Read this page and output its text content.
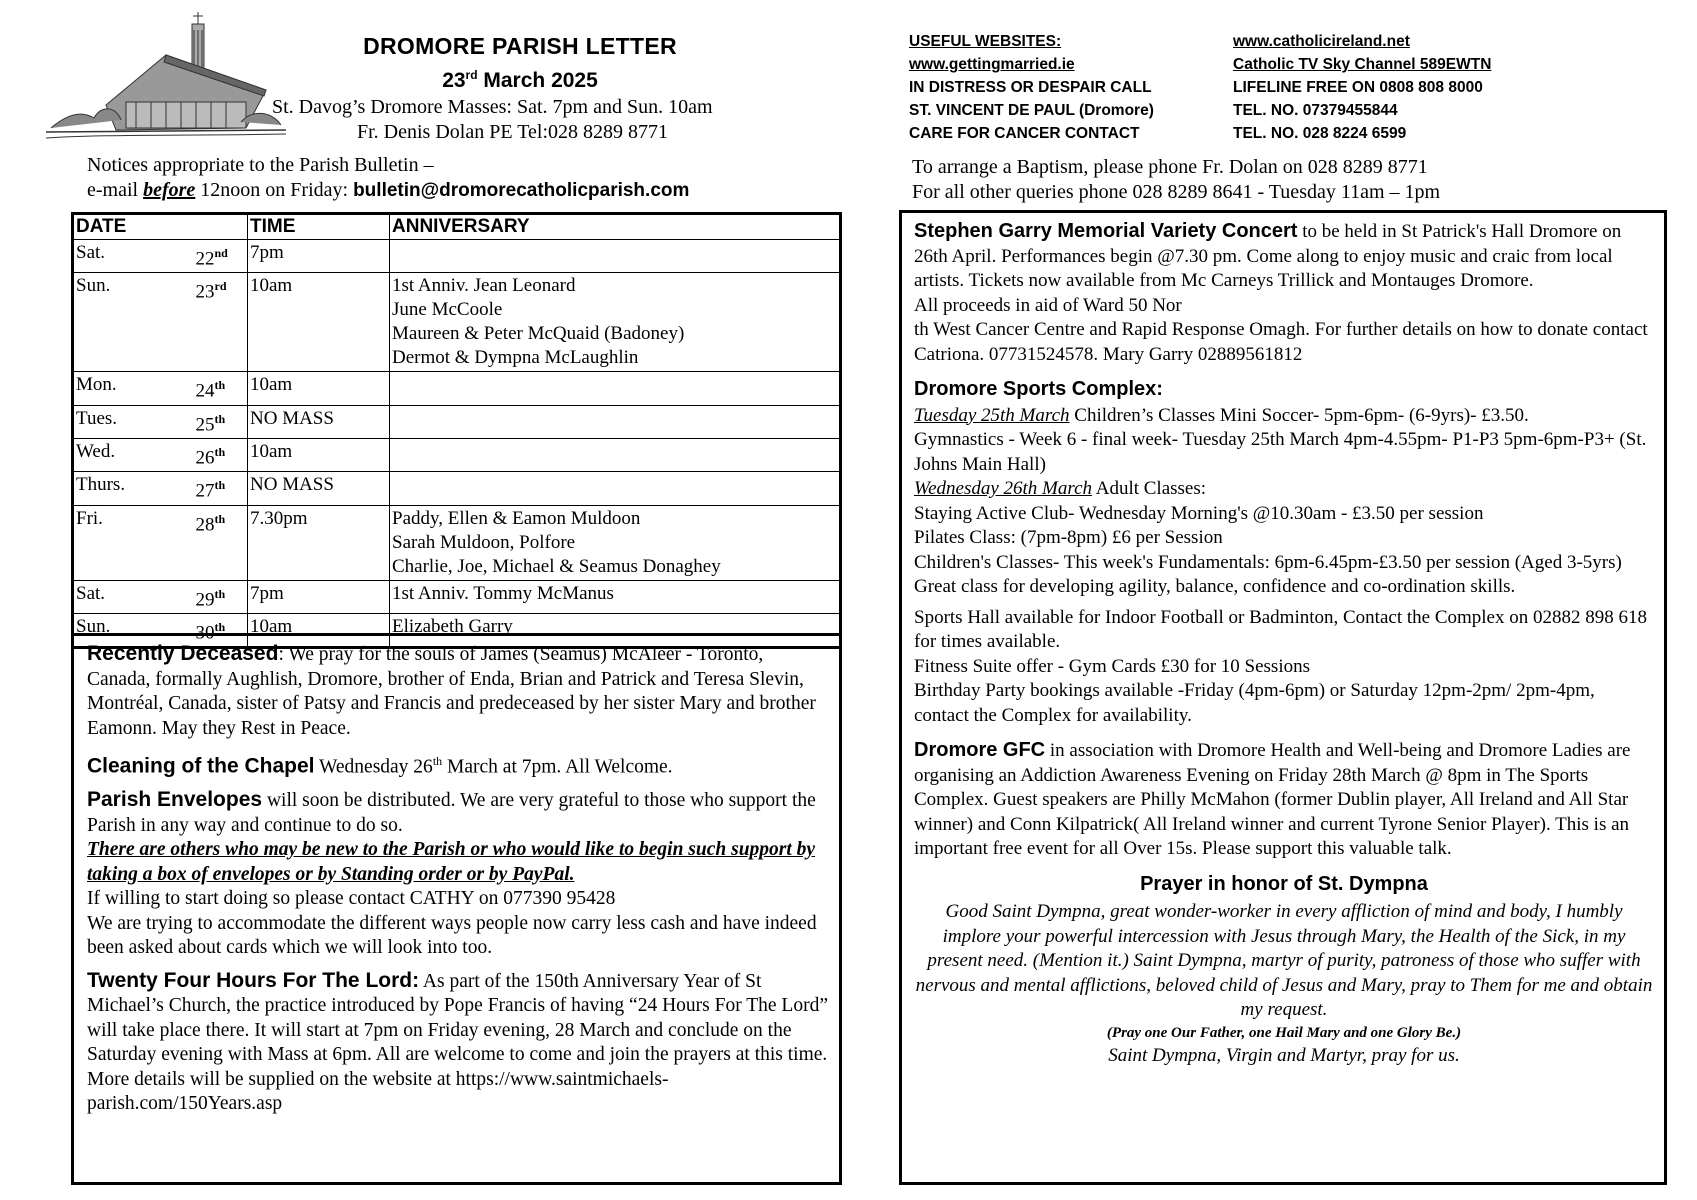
DROMORE PARISH LETTER
23rd March 2025
St. Davog’s Dromore Masses: Sat. 7pm and Sun. 10am
Fr. Denis Dolan PE Tel:028 8289 8771
Notices appropriate to the Parish Bulletin –
e-mail before 12noon on Friday: bulletin@dromorecatholicparish.com
DATE		TIME	ANNIVERSARY
Sat.	22nd	7pm	
Sun.	23rd	10am	1st Anniv. Jean Leonard
June McCoole
Maureen & Peter McQuaid (Badoney)
Dermot & Dympna McLaughlin

Mon.	24th	10am	
Tues.	25th	NO MASS	
Wed.	26th	10am	
Thurs.	27th	NO MASS	
Fri.	28th	7.30pm	Paddy, Ellen & Eamon Muldoon
Sarah Muldoon, Polfore
Charlie, Joe, Michael & Seamus Donaghey

Sat.	29th	7pm	1st Anniv. Tommy McManus

Sun.	30th	10am	Elizabeth Garry
Recently Deceased: We pray for the souls of James (Seamus) McAleer - Toronto, Canada, formally Aughlish, Dromore, brother of Enda, Brian and Patrick and Teresa Slevin, Montréal, Canada, sister of Patsy and Francis and predeceased by her sister Mary and brother Eamonn. May they Rest in Peace.
Cleaning of the Chapel Wednesday 26th March at 7pm. All Welcome.
Parish Envelopes will soon be distributed. We are very grateful to those who support the Parish in any way and continue to do so.
There are others who may be new to the Parish or who would like to begin such support by taking a box of envelopes or by Standing order or by PayPal.
If willing to start doing so please contact CATHY on 077390 95428
We are trying to accommodate the different ways people now carry less cash and have indeed been asked about cards which we will look into too.
Twenty Four Hours For The Lord: As part of the 150th Anniversary Year of St Michael’s Church, the practice introduced by Pope Francis of having “24 Hours For The Lord” will take place there. It will start at 7pm on Friday evening, 28 March and conclude on the Saturday evening with Mass at 6pm. All are welcome to come and join the prayers at this time.
More details will be supplied on the website at https://www.saintmichaels-parish.com/150Years.asp
USEFUL WEBSITES:	www.catholicireland.net
www.gettingmarried.ie	Catholic TV Sky Channel 589EWTN
IN DISTRESS OR DESPAIR CALL	LIFELINE FREE ON 0808 808 8000
ST. VINCENT DE PAUL (Dromore)	TEL. NO. 07379455844
CARE FOR CANCER CONTACT	TEL. NO. 028 8224 6599
To arrange a Baptism, please phone Fr. Dolan on 028 8289 8771
For all other queries phone 028 8289 8641 - Tuesday 11am – 1pm
Stephen Garry Memorial Variety Concert to be held in St Patrick's Hall Dromore on 26th April. Performances begin @7.30 pm. Come along to enjoy music and craic from local artists. Tickets now available from Mc Carneys Trillick and Montauges Dromore.
All proceeds in aid of Ward 50 Nor
th West Cancer Centre and Rapid Response Omagh. For further details on how to donate contact Catriona. 07731524578. Mary Garry 02889561812
Dromore Sports Complex:
Tuesday 25th March Children’s Classes Mini Soccer- 5pm-6pm- (6-9yrs)- £3.50.
Gymnastics - Week 6 - final week- Tuesday 25th March 4pm-4.55pm- P1-P3 5pm-6pm-P3+ (St. Johns Main Hall)
Wednesday 26th March Adult Classes:
Staying Active Club- Wednesday Morning's @10.30am - £3.50 per session
Pilates Class: (7pm-8pm) £6 per Session
Children's Classes- This week's Fundamentals: 6pm-6.45pm-£3.50 per session (Aged 3-5yrs) Great class for developing agility, balance, confidence and co-ordination skills.
Sports Hall available for Indoor Football or Badminton, Contact the Complex on 02882 898 618 for times available.
Fitness Suite offer - Gym Cards £30 for 10 Sessions
Birthday Party bookings available -Friday (4pm-6pm) or Saturday 12pm-2pm/ 2pm-4pm, contact the Complex for availability.
Dromore GFC in association with Dromore Health and Well-being and Dromore Ladies are organising an Addiction Awareness Evening on Friday 28th March @ 8pm in The Sports Complex. Guest speakers are Philly McMahon (former Dublin player, All Ireland and All Star winner) and Conn Kilpatrick( All Ireland winner and current Tyrone Senior Player). This is an important free event for all Over 15s. Please support this valuable talk.
Prayer in honor of St. Dympna
Good Saint Dympna, great wonder-worker in every affliction of mind and body, I humbly implore your powerful intercession with Jesus through Mary, the Health of the Sick, in my present need. (Mention it.) Saint Dympna, martyr of purity, patroness of those who suffer with nervous and mental afflictions, beloved child of Jesus and Mary, pray to Them for me and obtain my request.
(Pray one Our Father, one Hail Mary and one Glory Be.)
Saint Dympna, Virgin and Martyr, pray for us.
